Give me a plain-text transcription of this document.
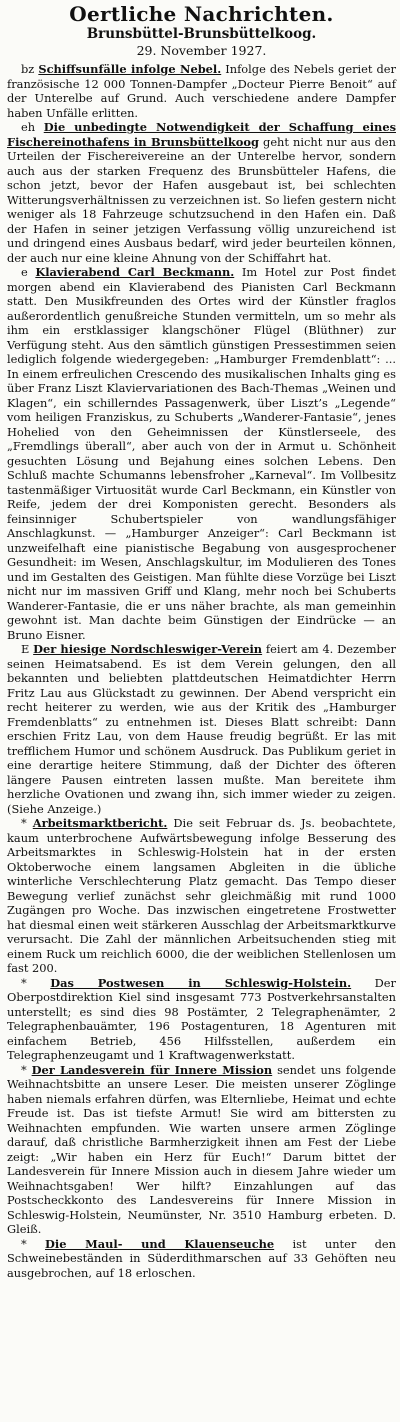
Oertliche Nachrichten.
Brunsbüttel-Brunsbüttelkoog.
29. November 1927.

bz Schiffsunfälle infolge Nebel. Infolge des Nebels geriet der französische 12 000 Tonnen-Dampfer „Docteur Pierre Benoit“ auf der Unterelbe auf Grund. Auch verschiedene andere Dampfer haben Unfälle erlitten.

eh Die unbedingte Notwendigkeit der Schaffung eines Fischereinothafens in Brunsbüttelkoog geht nicht nur aus den Urteilen der Fischereivereine an der Unterelbe hervor, sondern auch aus der starken Frequenz des Brunsbütteler Hafens, die schon jetzt, bevor der Hafen ausgebaut ist, bei schlechten Witterungsverhältnissen zu verzeichnen ist. So liefen gestern nicht weniger als 18 Fahrzeuge schutzsuchend in den Hafen ein. Daß der Hafen in seiner jetzigen Verfassung völlig unzureichend ist und dringend eines Ausbaus bedarf, wird jeder beurteilen können, der auch nur eine kleine Ahnung von der Schiffahrt hat.

e Klavierabend Carl Beckmann. Im Hotel zur Post findet morgen abend ein Klavierabend des Pianisten Carl Beckmann statt. Den Musikfreunden des Ortes wird der Künstler fraglos außerordentlich genußreiche Stunden vermitteln, um so mehr als ihm ein erstklassiger klangschöner Flügel (Blüthner) zur Verfügung steht. Aus den sämtlich günstigen Pressestimmen seien lediglich folgende wiedergegeben: „Hamburger Fremdenblatt“: ... In einem erfreulichen Crescendo des musikalischen Inhalts ging es über Franz Liszt Klaviervariationen des Bach-Themas „Weinen und Klagen“, ein schillerndes Passagenwerk, über Liszt’s „Legende“ vom heiligen Franziskus, zu Schuberts „Wanderer-Fantasie“, jenes Hohelied von den Geheimnissen der Künstlerseele, des „Fremdlings überall“, aber auch von der in Armut u. Schönheit gesuchten Lösung und Bejahung eines solchen Lebens. Den Schluß machte Schumanns lebensfroher „Karneval“. Im Vollbesitz tastenmäßiger Virtuosität wurde Carl Beckmann, ein Künstler von Reife, jedem der drei Komponisten gerecht. Besonders als feinsinniger Schubertspieler von wandlungsfähiger Anschlagkunst. — „Hamburger Anzeiger“: Carl Beckmann ist unzweifelhaft eine pianistische Begabung von ausgesprochener Gesundheit: im Wesen, Anschlagskultur, im Modulieren des Tones und im Gestalten des Geistigen. Man fühlte diese Vorzüge bei Liszt nicht nur im massiven Griff und Klang, mehr noch bei Schuberts Wanderer-Fantasie, die er uns näher brachte, als man gemeinhin gewohnt ist. Man dachte beim Günstigen der Eindrücke — an Bruno Eisner.

E Der hiesige Nordschleswiger-Verein feiert am 4. Dezember seinen Heimatsabend. Es ist dem Verein gelungen, den all bekannten und beliebten plattdeutschen Heimatdichter Herrn Fritz Lau aus Glückstadt zu gewinnen. Der Abend verspricht ein recht heiterer zu werden, wie aus der Kritik des „Hamburger Fremdenblatts“ zu entnehmen ist. Dieses Blatt schreibt: Dann erschien Fritz Lau, von dem Hause freudig begrüßt. Er las mit trefflichem Humor und schönem Ausdruck. Das Publikum geriet in eine derartige heitere Stimmung, daß der Dichter des öfteren längere Pausen eintreten lassen mußte. Man bereitete ihm herzliche Ovationen und zwang ihn, sich immer wieder zu zeigen. (Siehe Anzeige.)

* Arbeitsmarktbericht. Die seit Februar ds. Js. beobachtete, kaum unterbrochene Aufwärtsbewegung infolge Besserung des Arbeitsmarktes in Schleswig-Holstein hat in der ersten Oktoberwoche einem langsamen Abgleiten in die übliche winterliche Verschlechterung Platz gemacht. Das Tempo dieser Bewegung verlief zunächst sehr gleichmäßig mit rund 1000 Zugängen pro Woche. Das inzwischen eingetretene Frostwetter hat diesmal einen weit stärkeren Ausschlag der Arbeitsmarktkurve verursacht. Die Zahl der männlichen Arbeitsuchenden stieg mit einem Ruck um reichlich 6000, die der weiblichen Stellenlosen um fast 200.

* Das Postwesen in Schleswig-Holstein. Der Oberpostdirektion Kiel sind insgesamt 773 Postverkehrsanstalten unterstellt; es sind dies 98 Postämter, 2 Telegraphenämter, 2 Telegraphenbauämter, 196 Postagenturen, 18 Agenturen mit einfachem Betrieb, 456 Hilfsstellen, außerdem ein Telegraphenzeugamt und 1 Kraftwagenwerkstatt.

* Der Landesverein für Innere Mission sendet uns folgende Weihnachtsbitte an unsere Leser. Die meisten unserer Zöglinge haben niemals erfahren dürfen, was Elternliebe, Heimat und echte Freude ist. Das ist tiefste Armut! Sie wird am bittersten zu Weihnachten empfunden. Wie warten unsere armen Zöglinge darauf, daß christliche Barmherzigkeit ihnen am Fest der Liebe zeigt: „Wir haben ein Herz für Euch!“ Darum bittet der Landesverein für Innere Mission auch in diesem Jahre wieder um Weihnachtsgaben! Wer hilft? Einzahlungen auf das Postscheckkonto des Landesvereins für Innere Mission in Schleswig-Holstein, Neumünster, Nr. 3510 Hamburg erbeten. D. Gleiß.

* Die Maul- und Klauenseuche ist unter den Schweinebeständen in Süderdithmarschen auf 33 Gehöften neu ausgebrochen, auf 18 erloschen.
